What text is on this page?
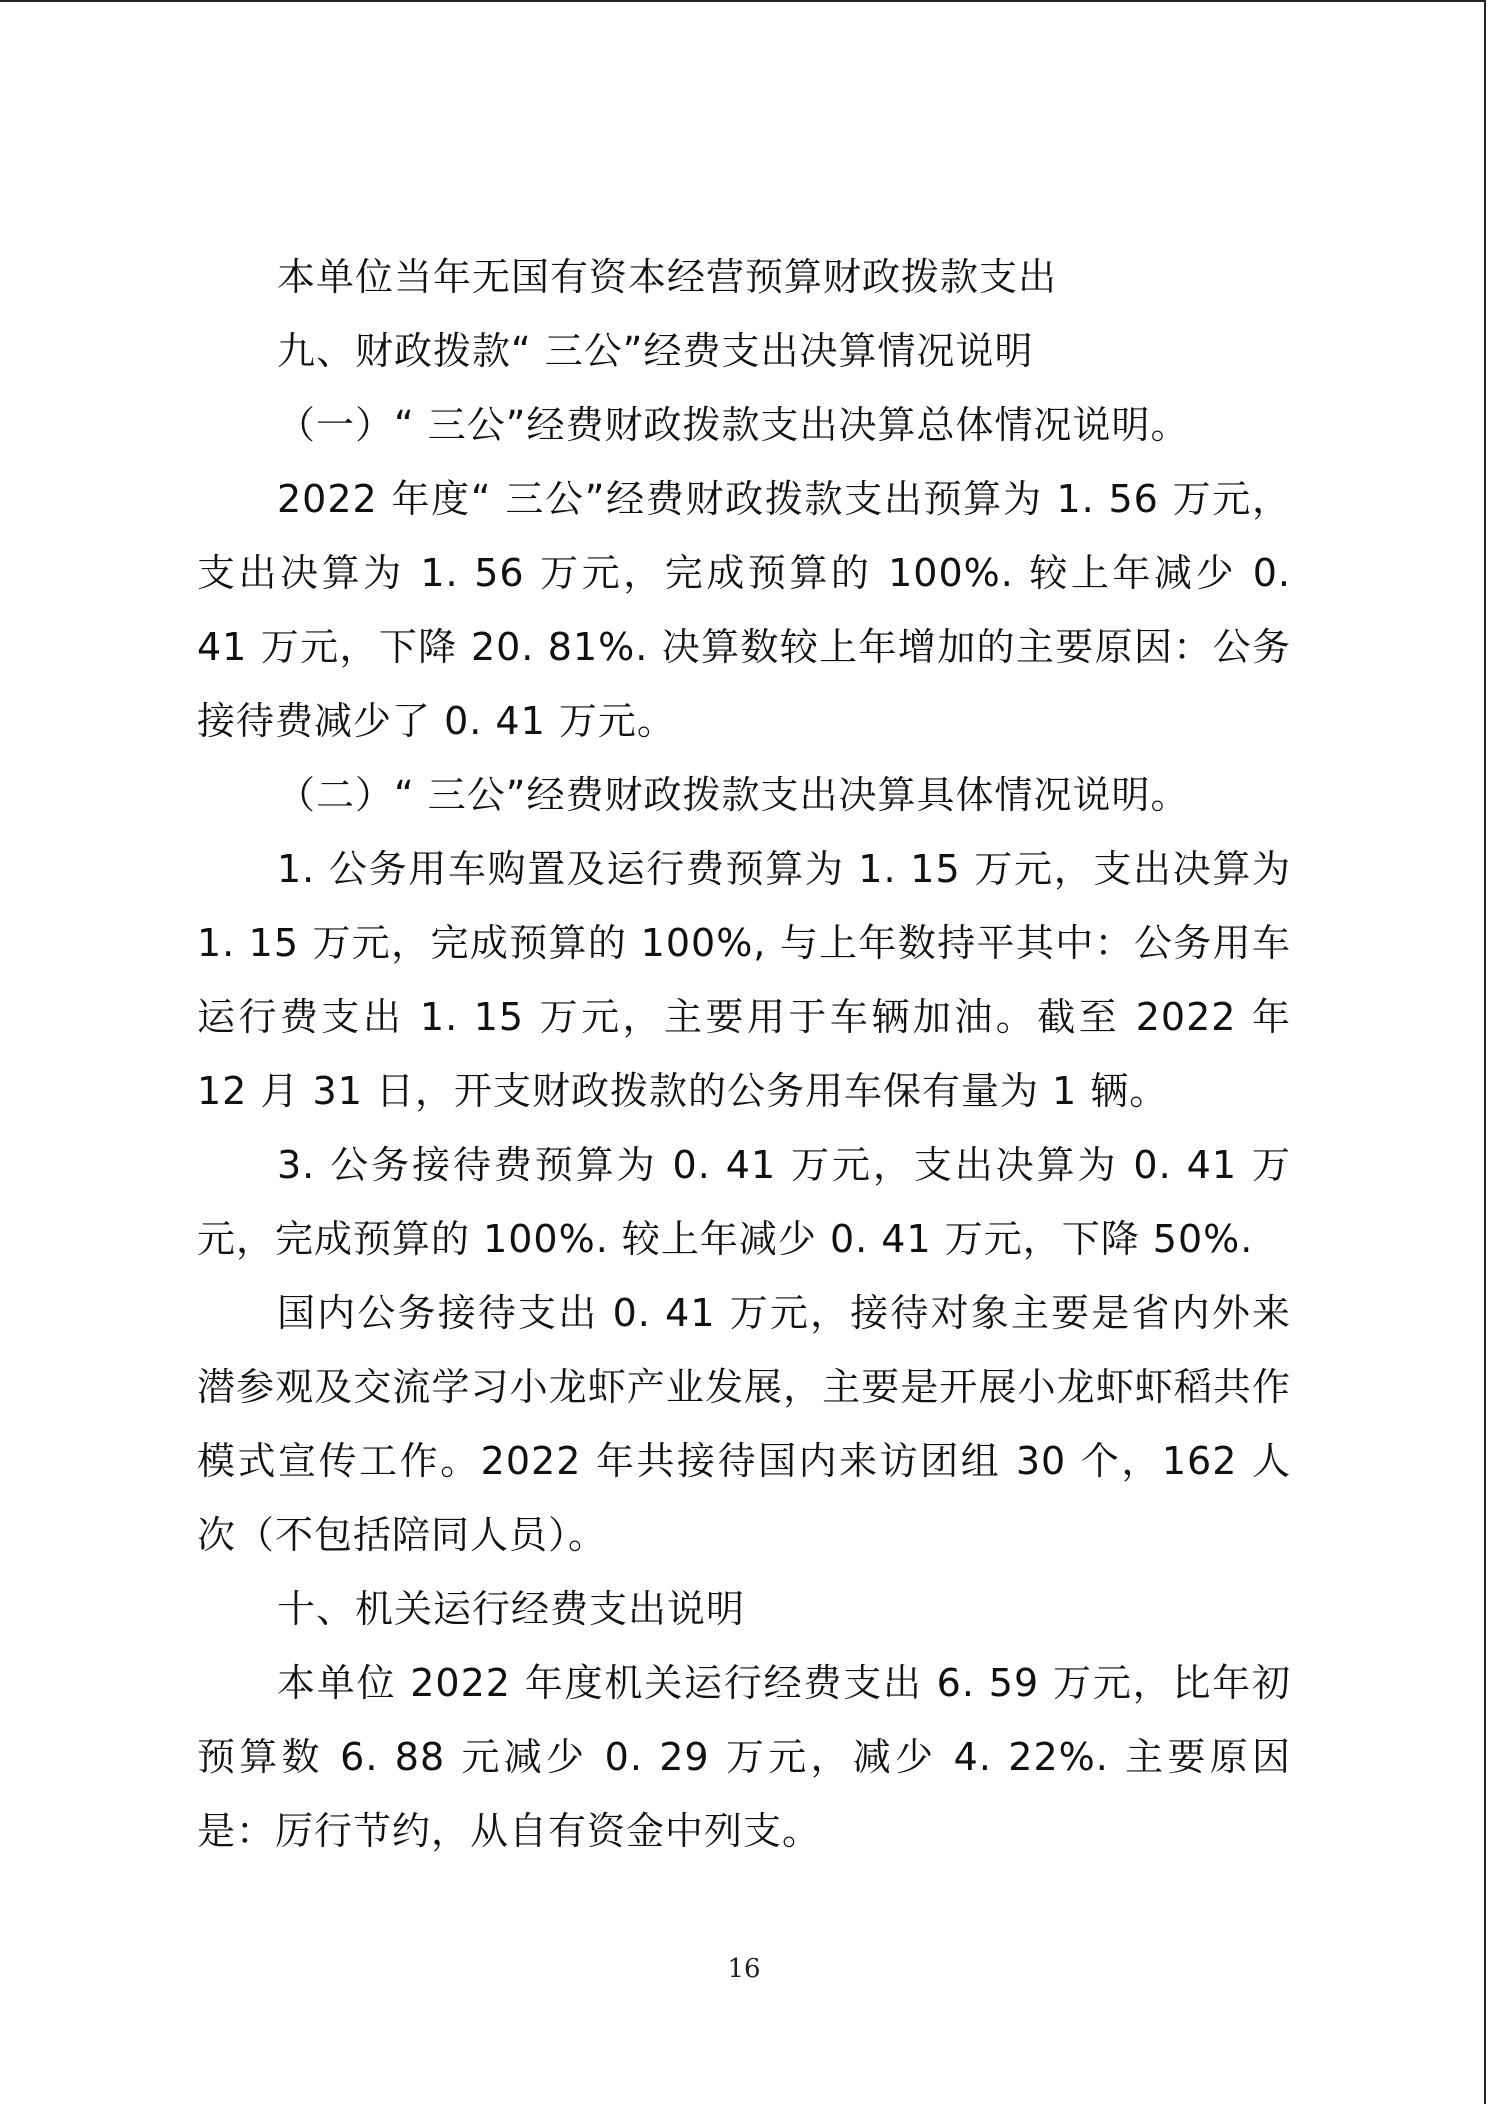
本单位当年无国有资本经营预算财政拨款支出

九、财政拨款“ 三公”经费支出决算情况说明

（一）“ 三公”经费财政拨款支出决算总体情况说明。

2022 年度“ 三公”经费财政拨款支出预算为 1. 56 万元，支出决算为 1. 56 万元，完成预算的 100%. 较上年减少 0. 41 万元，下降 20. 81%. 决算数较上年增加的主要原因：公务接待费减少了 0. 41 万元。

（二）“ 三公”经费财政拨款支出决算具体情况说明。

1. 公务用车购置及运行费预算为 1. 15 万元，支出决算为 1. 15 万元，完成预算的 100%, 与上年数持平其中：公务用车运行费支出 1. 15 万元，主要用于车辆加油。截至 2022 年 12 月 31 日，开支财政拨款的公务用车保有量为 1 辆。

3. 公务接待费预算为 0. 41 万元，支出决算为 0. 41 万元，完成预算的 100%. 较上年减少 0. 41 万元，下降 50%.

国内公务接待支出 0. 41 万元，接待对象主要是省内外来潜参观及交流学习小龙虾产业发展，主要是开展小龙虾虾稻共作模式宣传工作。2022 年共接待国内来访团组 30 个，162 人次（不包括陪同人员）。

十、机关运行经费支出说明

本单位 2022 年度机关运行经费支出 6. 59 万元，比年初预算数 6. 88 元减少 0. 29 万元，减少 4. 22%. 主要原因是：厉行节约，从自有资金中列支。

16
